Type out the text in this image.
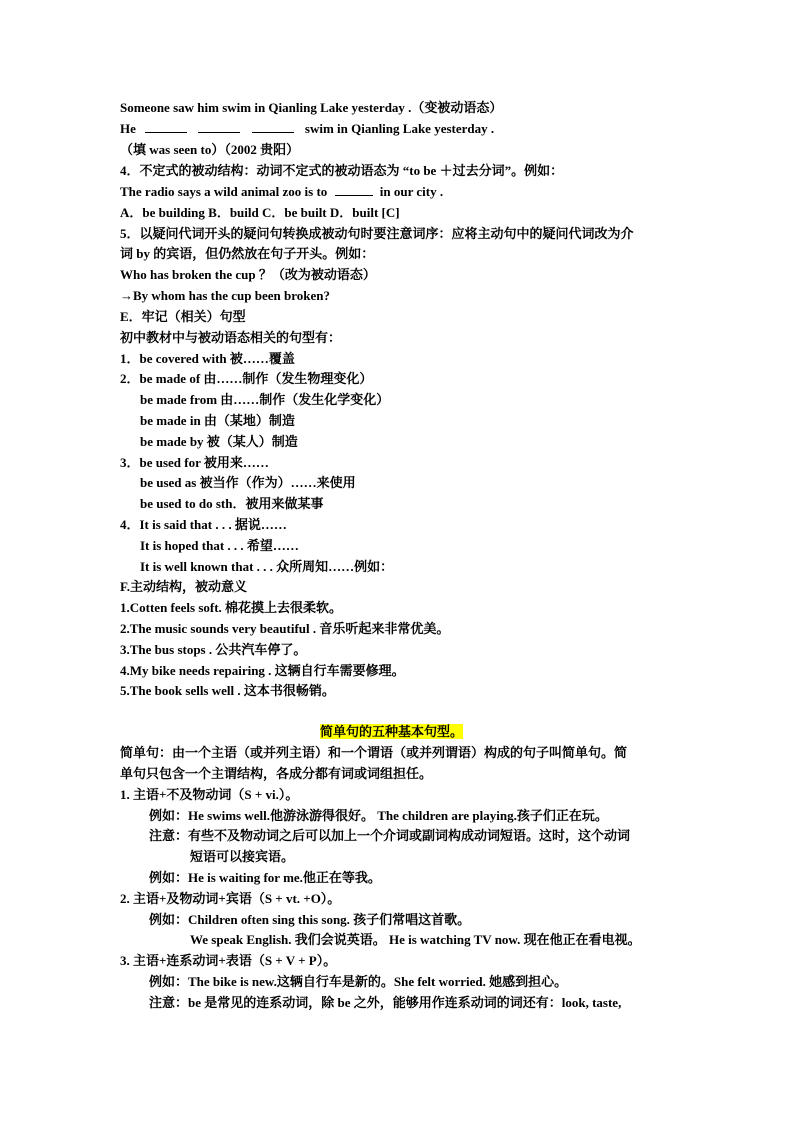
Someone saw him swim in Qianling Lake yesterday .（变被动语态）
He	swim in Qianling Lake yesterday .
（填 was seen to）（2002 贵阳）
4．不定式的被动结构：动词不定式的被动语态为 “to be ＋过去分词”。例如：
The radio says a wild animal zoo is to	in our city .
A．be building B．build C．be built D．built [C]
5．以疑问代词开头的疑问句转换成被动句时要注意词序：应将主动句中的疑问代词改为介
词 by 的宾语，但仍然放在句子开头。例如：
Who has broken the cup ？（改为被动语态）
→By whom has the cup been broken?
E．牢记（相关）句型
初中教材中与被动语态相关的句型有：
1．be covered with 被……覆盖
2．be made of 由……制作（发生物理变化）
be made from 由……制作（发生化学变化）
be made in 由（某地）制造
be made by 被（某人）制造
3．be used for 被用来……
be used as 被当作（作为）……来使用
be used to do sth．被用来做某事
4．It is said that . . . 据说……
It is hoped that . . . 希望……
It is well known that . . . 众所周知……例如：
F.主动结构，被动意义
1.Cotten feels soft. 棉花摸上去很柔软。
2.The music sounds very beautiful . 音乐听起来非常优美。
3.The bus stops . 公共汽车停了。
4.My bike needs repairing . 这辆自行车需要修理。
5.The book sells well . 这本书很畅销。
简单句的五种基本句型。
简单句：由一个主语（或并列主语）和一个谓语（或并列谓语）构成的句子叫简单句。简
单句只包含一个主谓结构，各成分都有词或词组担任。
1. 主语+不及物动词（S + vi.）。
例如：He swims well.他游泳游得很好。 The children are playing.孩子们正在玩。
注意：有些不及物动词之后可以加上一个介词或副词构成动词短语。这时，这个动词
短语可以接宾语。
例如：He is waiting for me.他正在等我。
2. 主语+及物动词+宾语（S + vt. +O）。
例如：Children often sing this song. 孩子们常唱这首歌。
We speak English. 我们会说英语。 He is watching TV now. 现在他正在看电视。
3. 主语+连系动词+表语（S + V + P）。
例如：The bike is new.这辆自行车是新的。She felt worried. 她感到担心。
注意：be 是常见的连系动词，除 be 之外，能够用作连系动词的词还有：look, taste,
